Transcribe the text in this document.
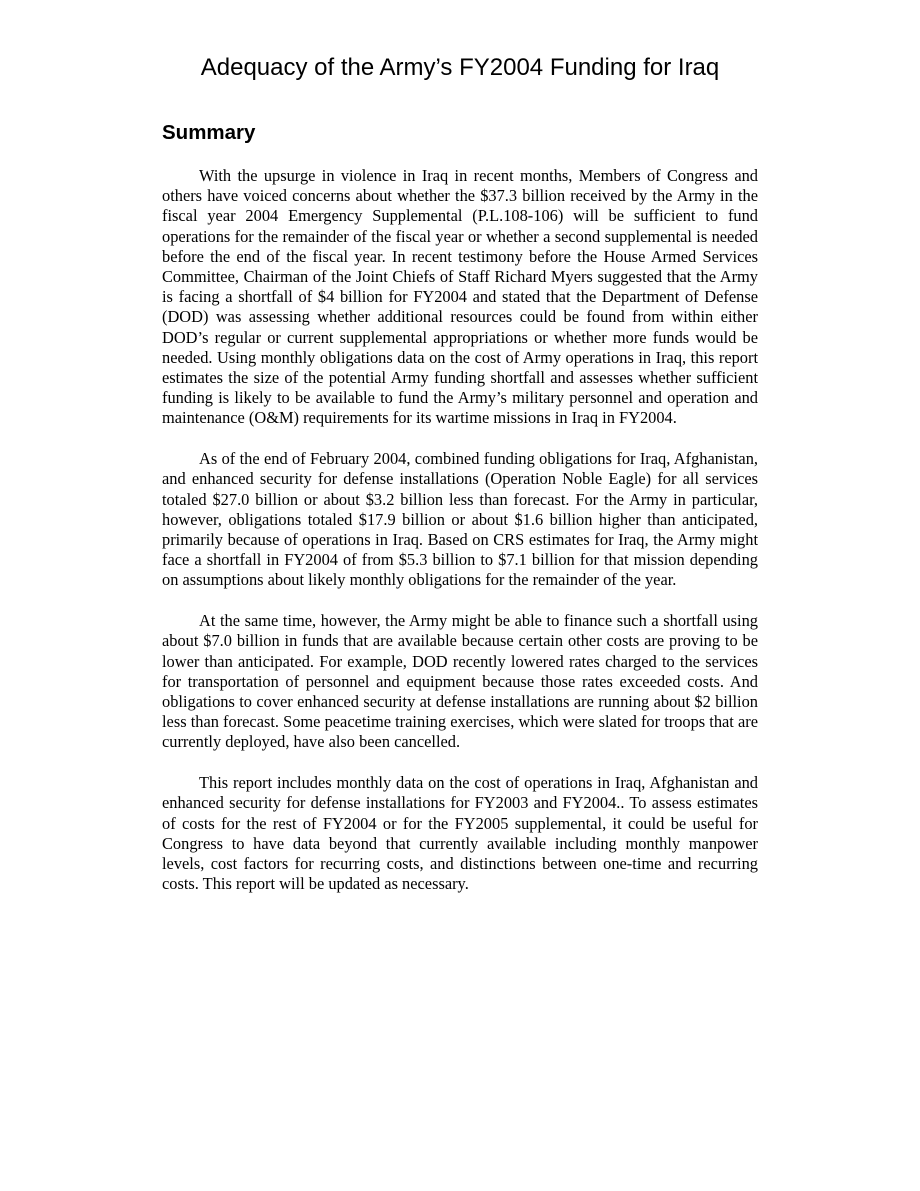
Adequacy of the Army’s FY2004 Funding for Iraq
Summary

With the upsurge in violence in Iraq in recent months, Members of Congress and others have voiced concerns about whether the $37.3 billion received by the Army in the fiscal year 2004 Emergency Supplemental (P.L.108-106) will be sufficient to fund operations for the remainder of the fiscal year or whether a second supplemental is needed before the end of the fiscal year. In recent testimony before the House Armed Services Committee, Chairman of the Joint Chiefs of Staff Richard Myers suggested that the Army is facing a shortfall of $4 billion for FY2004 and stated that the Department of Defense (DOD) was assessing whether additional resources could be found from within either DOD’s regular or current supplemental appropriations or whether more funds would be needed. Using monthly obligations data on the cost of Army operations in Iraq, this report estimates the size of the potential Army funding shortfall and assesses whether sufficient funding is likely to be available to fund the Army’s military personnel and operation and maintenance (O&M) requirements for its wartime missions in Iraq in FY2004.

As of the end of February 2004, combined funding obligations for Iraq, Afghanistan, and enhanced security for defense installations (Operation Noble Eagle) for all services totaled $27.0 billion or about $3.2 billion less than forecast. For the Army in particular, however, obligations totaled $17.9 billion or about $1.6 billion higher than anticipated, primarily because of operations in Iraq. Based on CRS estimates for Iraq, the Army might face a shortfall in FY2004 of from $5.3 billion to $7.1 billion for that mission depending on assumptions about likely monthly obligations for the remainder of the year.

At the same time, however, the Army might be able to finance such a shortfall using about $7.0 billion in funds that are available because certain other costs are proving to be lower than anticipated. For example, DOD recently lowered rates charged to the services for transportation of personnel and equipment because those rates exceeded costs. And obligations to cover enhanced security at defense installations are running about $2 billion less than forecast. Some peacetime training exercises, which were slated for troops that are currently deployed, have also been cancelled.

This report includes monthly data on the cost of operations in Iraq, Afghanistan and enhanced security for defense installations for FY2003 and FY2004.. To assess estimates of costs for the rest of FY2004 or for the FY2005 supplemental, it could be useful for Congress to have data beyond that currently available including monthly manpower levels, cost factors for recurring costs, and distinctions between one-time and recurring costs. This report will be updated as necessary.
